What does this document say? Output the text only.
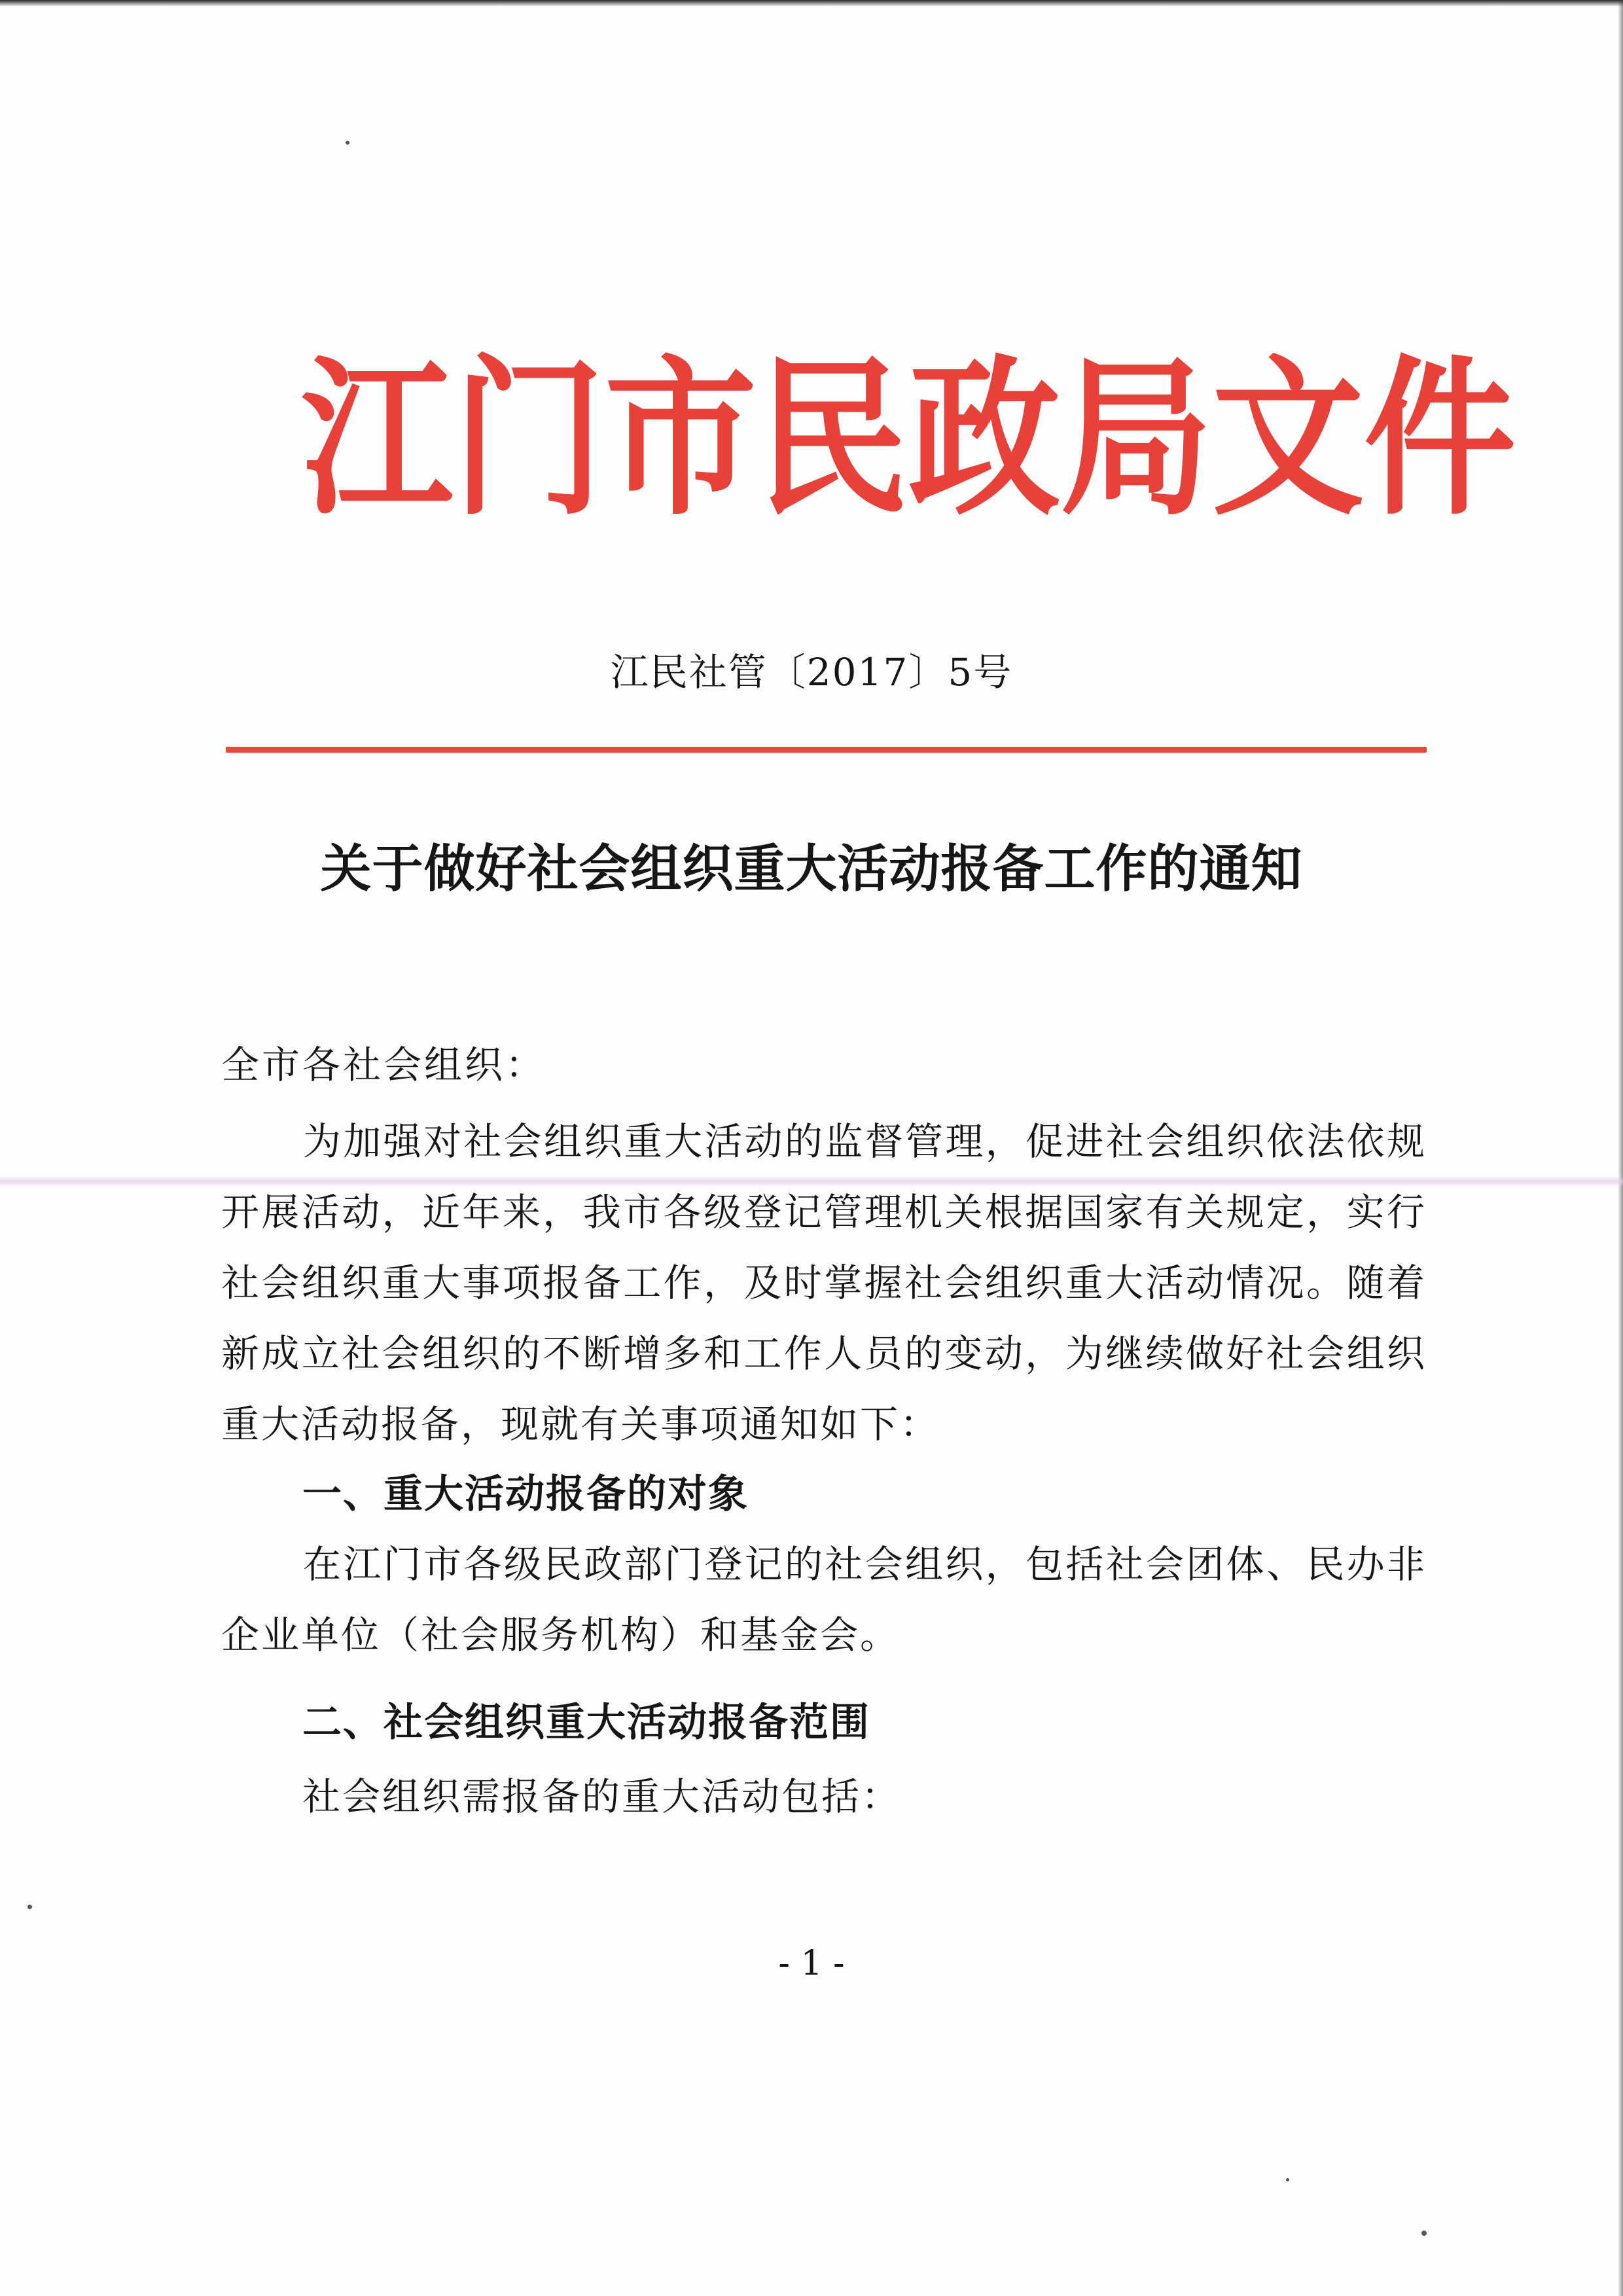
江 门 市 民 政 局 文 件
江民社管〔2017〕5号
关于做好社会组织重大活动报备工作的通知
全市各社会组织：
为加强对社会组织重大活动的监督管理，促进社会组织依法依规开展活动，近年来，我市各级登记管理机关根据国家有关规定，实行社会组织重大事项报备工作，及时掌握社会组织重大活动情况。随着新成立社会组织的不断增多和工作人员的变动，为继续做好社会组织重大活动报备，现就有关事项通知如下：
一、重大活动报备的对象
在江门市各级民政部门登记的社会组织，包括社会团体、民办非企业单位（社会服务机构）和基金会。
二、社会组织重大活动报备范围
社会组织需报备的重大活动包括：
- 1 -
